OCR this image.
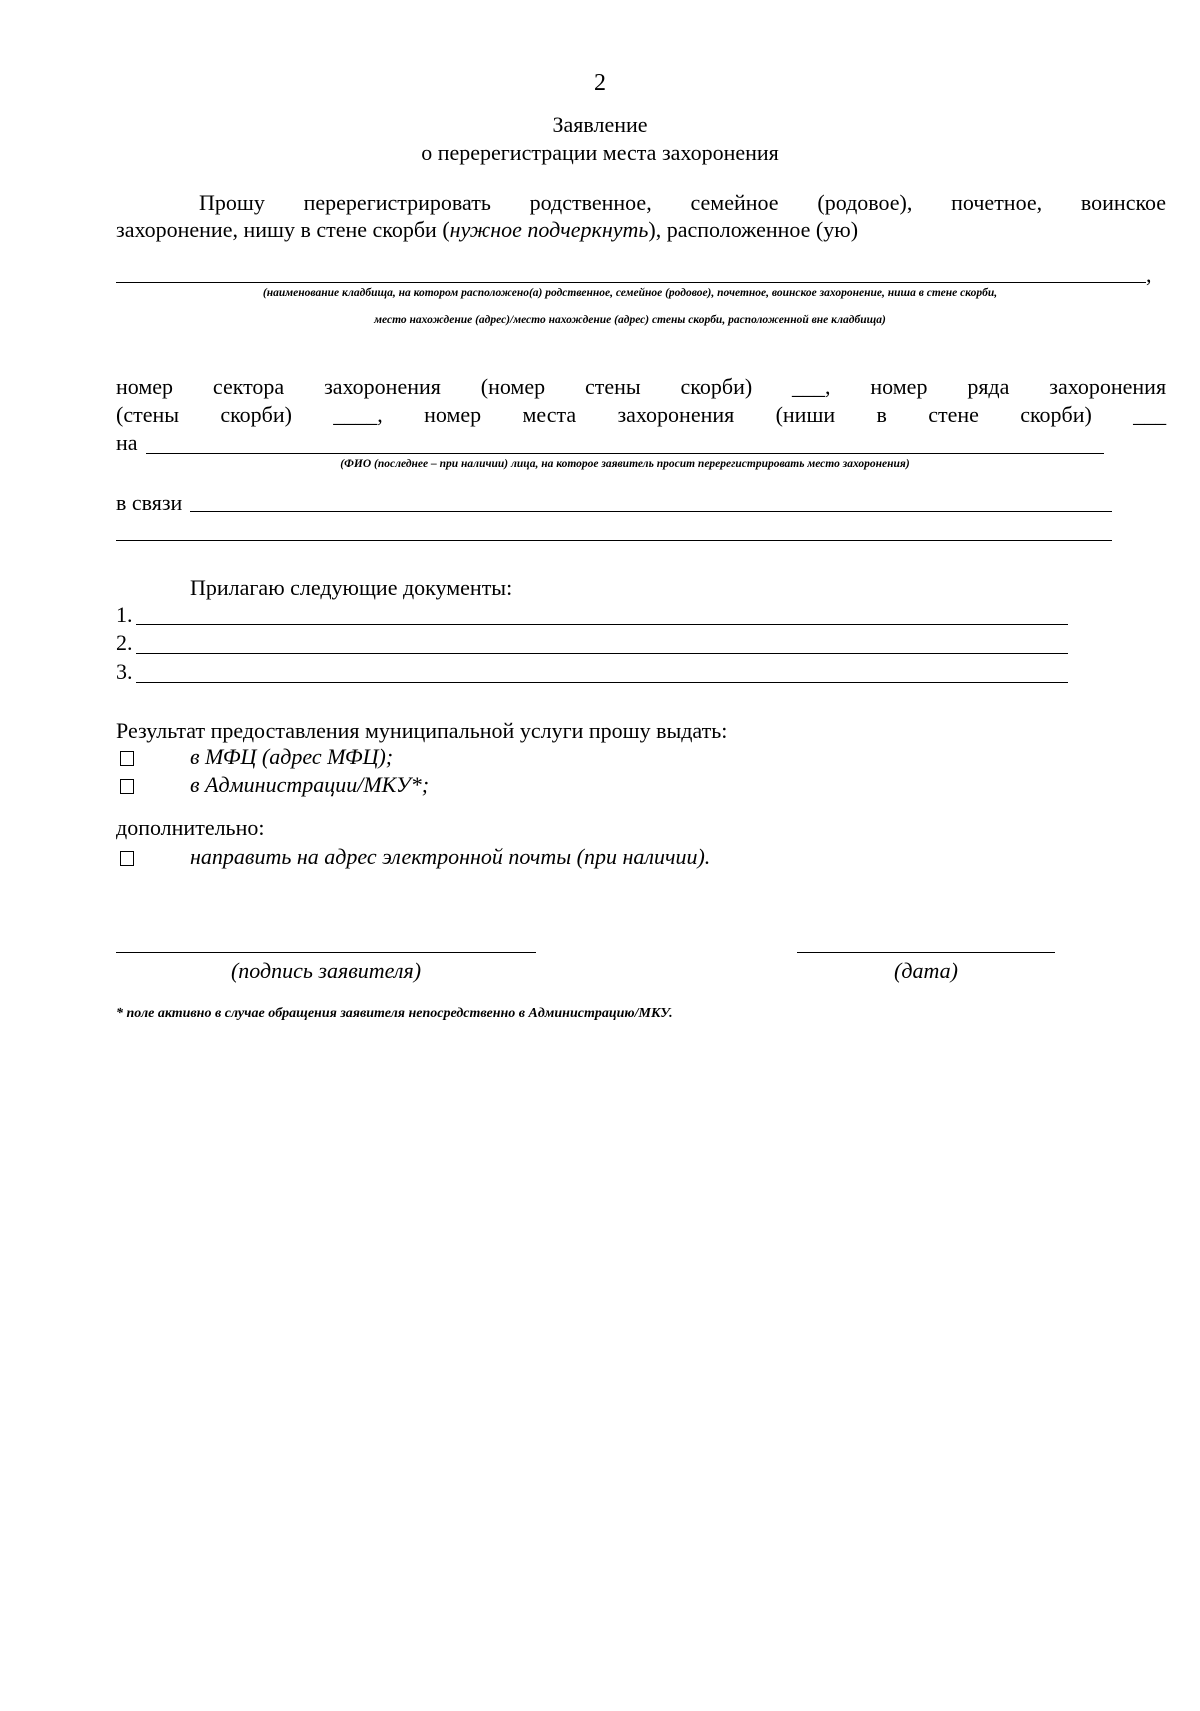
2
Заявление
о перерегистрации места захоронения
Прошу перерегистрировать родственное, семейное (родовое), почетное, воинское
захоронение, нишу в стене скорби (нужное подчеркнуть), расположенное (ую)
,
(наименование кладбища, на котором расположено(а) родственное, семейное (родовое), почетное, воинское захоронение, ниша в стене скорби,
место нахождение (адрес)/место нахождение (адрес) стены скорби, расположенной вне кладбища)
номер сектора захоронения (номер стены скорби) ___, номер ряда захоронения
(стены скорби) ____, номер места захоронения (ниши в стене скорби) ___
на
(ФИО (последнее – при наличии) лица, на которое заявитель просит перерегистрировать место захоронения)
в связи
Прилагаю следующие документы:
1.
2.
3.
Результат предоставления муниципальной услуги прошу выдать:
в МФЦ (адрес МФЦ);
в Администрации/МКУ*;
дополнительно:
направить на адрес электронной почты (при наличии).
(подпись заявителя)	(дата)
* поле активно в случае обращения заявителя непосредственно в Администрацию/МКУ.
